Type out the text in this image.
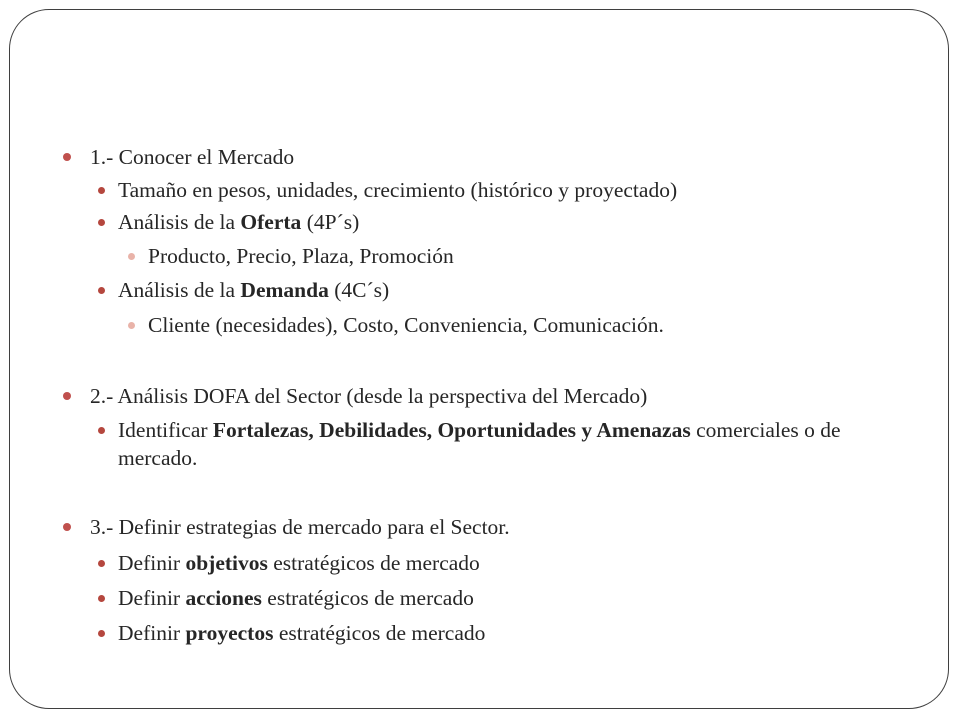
1.- Conocer el Mercado
Tamaño en pesos, unidades, crecimiento (histórico y proyectado)
Análisis de la Oferta (4P´s)
Producto, Precio, Plaza, Promoción
Análisis de la Demanda (4C´s)
Cliente (necesidades), Costo, Conveniencia, Comunicación.
2.- Análisis DOFA del Sector (desde la perspectiva del Mercado)
Identificar Fortalezas, Debilidades, Oportunidades y Amenazas comerciales o de mercado.
3.- Definir estrategias de mercado para el Sector.
Definir objetivos estratégicos de mercado
Definir acciones estratégicos de mercado
Definir proyectos estratégicos de mercado
